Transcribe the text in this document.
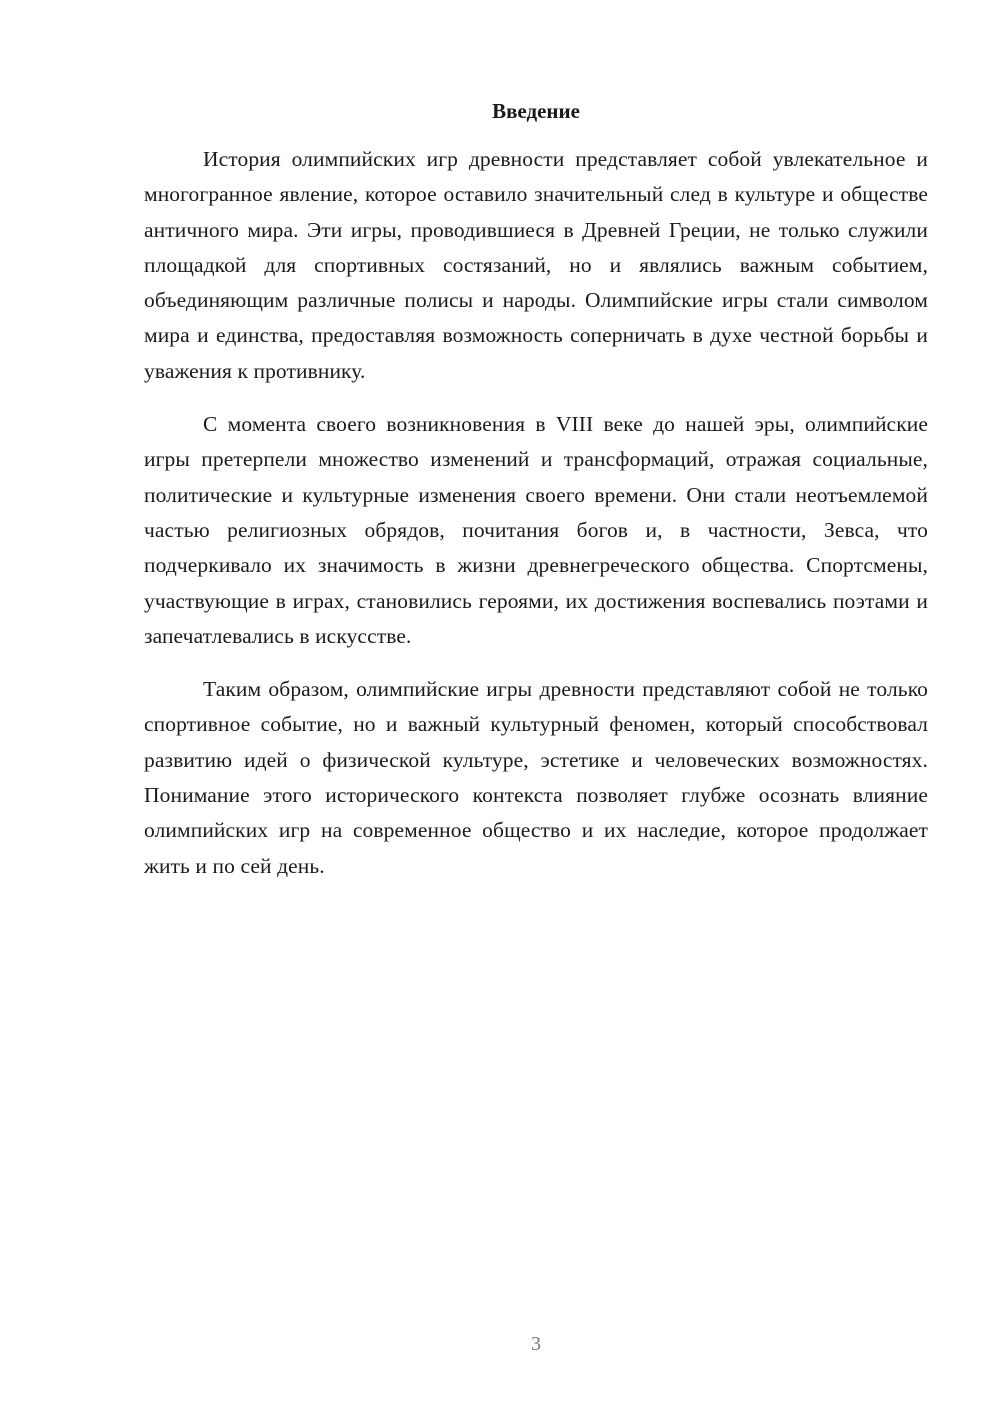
Введение

История олимпийских игр древности представляет собой увлекательное и многогранное явление, которое оставило значительный след в культуре и обществе античного мира. Эти игры, проводившиеся в Древней Греции, не только служили площадкой для спортивных состязаний, но и являлись важным событием, объединяющим различные полисы и народы. Олимпийские игры стали символом мира и единства, предоставляя возможность соперничать в духе честной борьбы и уважения к противнику.

С момента своего возникновения в VIII веке до нашей эры, олимпийские игры претерпели множество изменений и трансформаций, отражая социальные, политические и культурные изменения своего времени. Они стали неотъемлемой частью религиозных обрядов, почитания богов и, в частности, Зевса, что подчеркивало их значимость в жизни древнегреческого общества. Спортсмены, участвующие в играх, становились героями, их достижения воспевались поэтами и запечатлевались в искусстве.

Таким образом, олимпийские игры древности представляют собой не только спортивное событие, но и важный культурный феномен, который способствовал развитию идей о физической культуре, эстетике и человеческих возможностях. Понимание этого исторического контекста позволяет глубже осознать влияние олимпийских игр на современное общество и их наследие, которое продолжает жить и по сей день.

3
